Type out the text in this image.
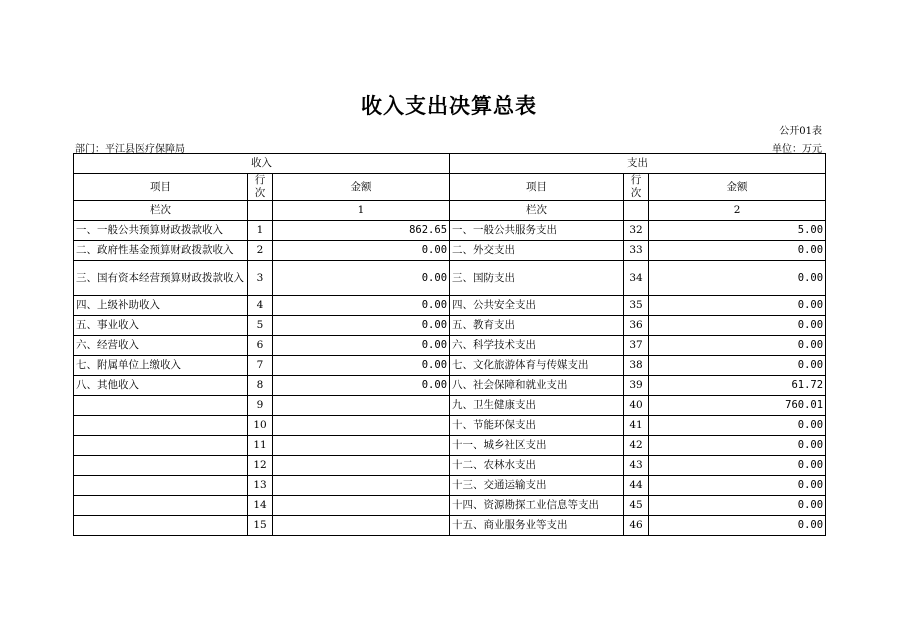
收入支出决算总表
公开01表
部门：平江县医疗保障局	单位：万元
收入			支出		
项目	行次	金额	项目	行次	金额
栏次		1	栏次		2
一、一般公共预算财政拨款收入	1	862.65	一、一般公共服务支出	32	5.00
二、政府性基金预算财政拨款收入	2	0.00	二、外交支出	33	0.00
三、国有资本经营预算财政拨款收入	3	0.00	三、国防支出	34	0.00
四、上级补助收入	4	0.00	四、公共安全支出	35	0.00
五、事业收入	5	0.00	五、教育支出	36	0.00
六、经营收入	6	0.00	六、科学技术支出	37	0.00
七、附属单位上缴收入	7	0.00	七、文化旅游体育与传媒支出	38	0.00
八、其他收入	8	0.00	八、社会保障和就业支出	39	61.72
	9		九、卫生健康支出	40	760.01
	10		十、节能环保支出	41	0.00
	11		十一、城乡社区支出	42	0.00
	12		十二、农林水支出	43	0.00
	13		十三、交通运输支出	44	0.00
	14		十四、资源勘探工业信息等支出	45	0.00
	15		十五、商业服务业等支出	46	0.00
